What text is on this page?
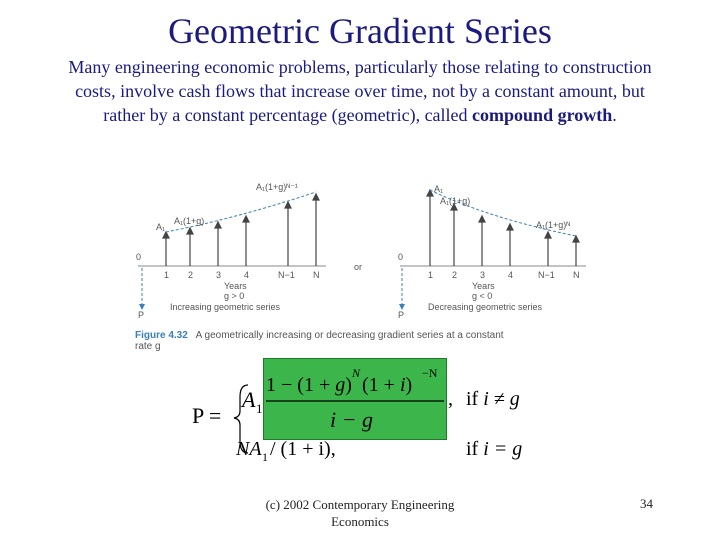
Geometric Gradient Series
Many engineering economic problems, particularly those relating to construction costs, involve cash flows that increase over time, not by a constant amount, but rather by a constant percentage (geometric), called compound growth.
0
A₁(1+g)ᴺ⁻¹
A₁
A₁(1+g)
1 2	3	4	N−1 N
Years
g > 0
P
Increasing geometric series
or
0
A₁
A₁(1+g)
A₁(1+g)ᴺ
1 2	3	4	N−1 N
Years
g < 0
P
Decreasing geometric series
Figure 4.32 A geometrically increasing or decreasing gradient series at a constant
rate g
P =
A 1
1 − (1 + g)
N
(1 + i)
−N
i − g
, if i ≠ g
NA 1 / (1 + i),	if i = g
(c) 2002 Contemporary Engineering
Economics
34
